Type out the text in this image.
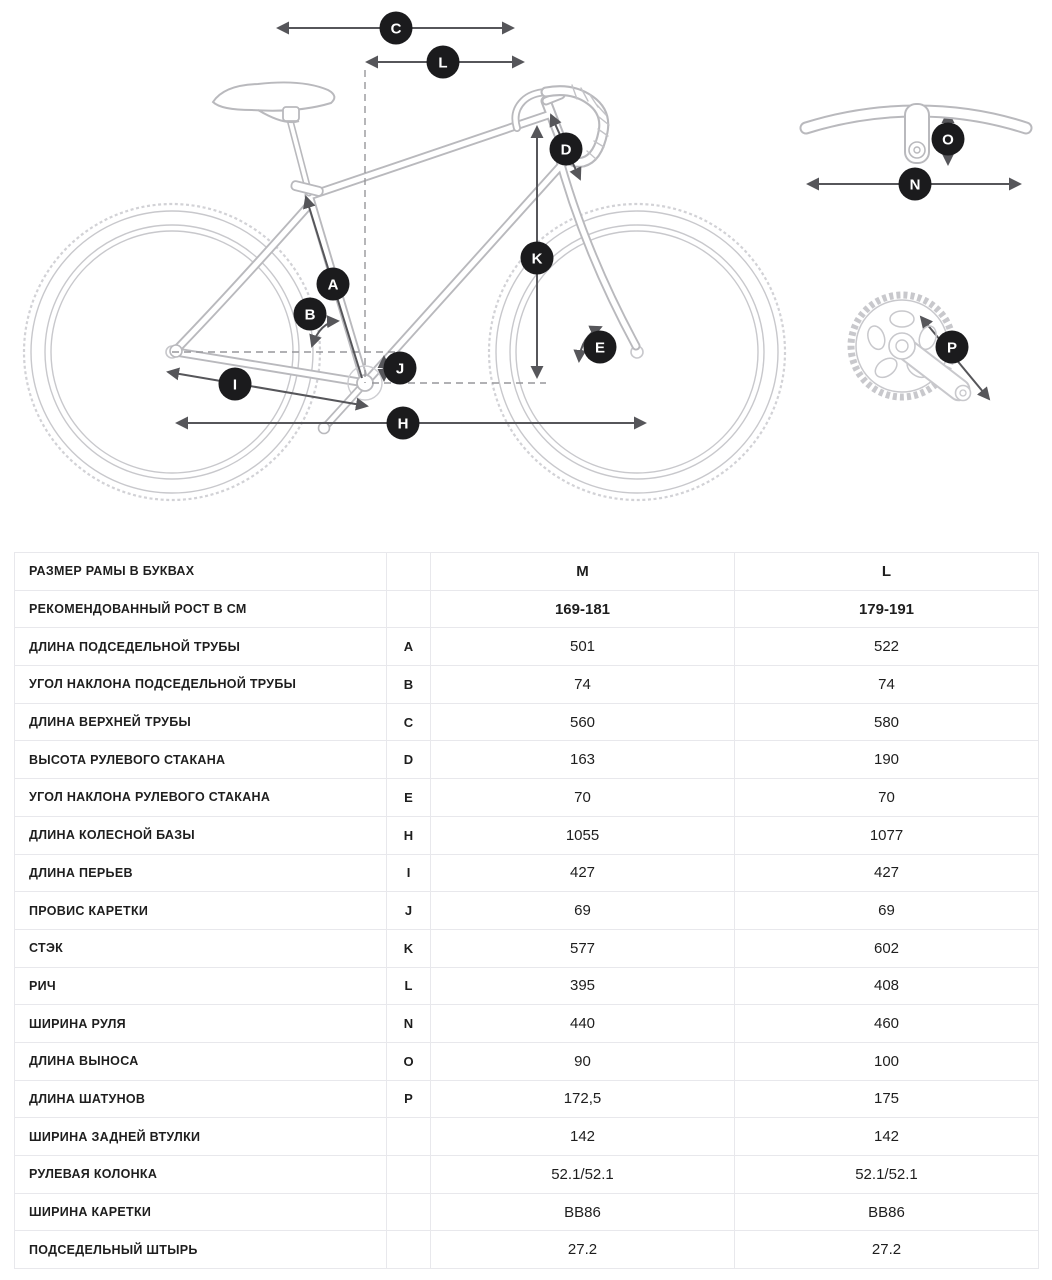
C
L
D
A
B
K
E
J
I
H
O
N
P
РАЗМЕР РАМЫ В БУКВАХ		M	L
РЕКОМЕНДОВАННЫЙ РОСТ В СМ		169-181	179-191
ДЛИНА ПОДСЕДЕЛЬНОЙ ТРУБЫ	A	501	522
УГОЛ НАКЛОНА ПОДСЕДЕЛЬНОЙ ТРУБЫ	B	74	74
ДЛИНА ВЕРХНЕЙ ТРУБЫ	C	560	580
ВЫСОТА РУЛЕВОГО СТАКАНА	D	163	190
УГОЛ НАКЛОНА РУЛЕВОГО СТАКАНА	E	70	70
ДЛИНА КОЛЕСНОЙ БАЗЫ	H	1055	1077
ДЛИНА ПЕРЬЕВ	I	427	427
ПРОВИС КАРЕТКИ	J	69	69
СТЭК	K	577	602
РИЧ	L	395	408
ШИРИНА РУЛЯ	N	440	460
ДЛИНА ВЫНОСА	O	90	100
ДЛИНА ШАТУНОВ	P	172,5	175
ШИРИНА ЗАДНЕЙ ВТУЛКИ		142	142
РУЛЕВАЯ КОЛОНКА		52.1/52.1	52.1/52.1
ШИРИНА КАРЕТКИ		BB86	BB86
ПОДСЕДЕЛЬНЫЙ ШТЫРЬ		27.2	27.2
